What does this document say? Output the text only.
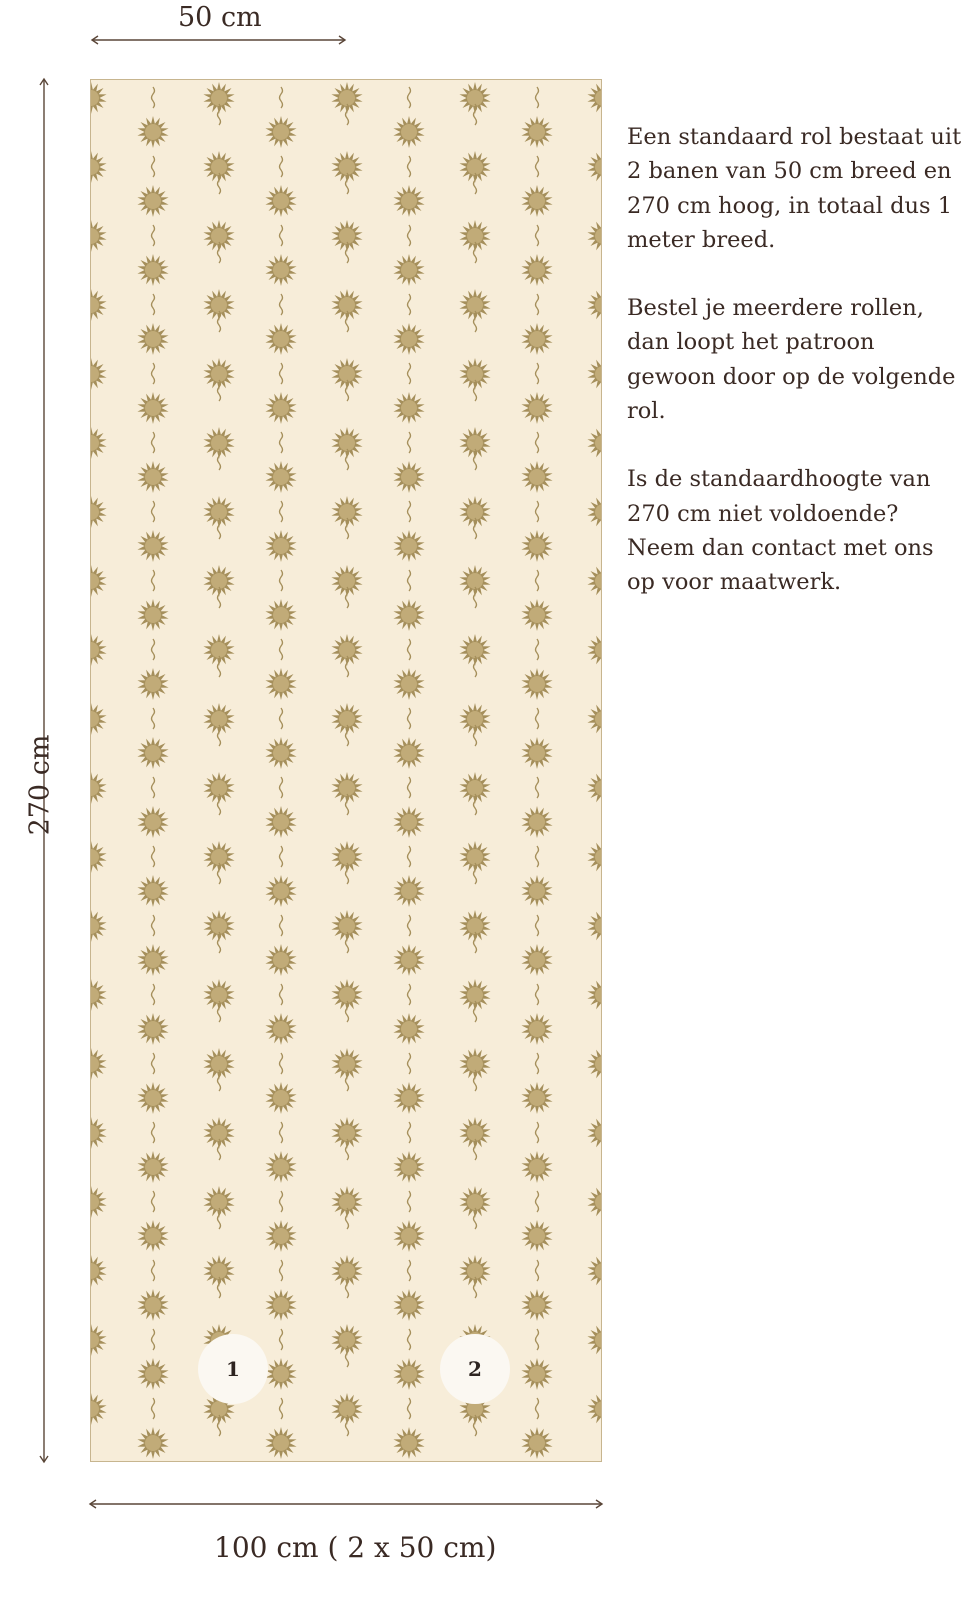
50 cm
270 cm
1	2
100 cm ( 2 x 50 cm)

Een standaard rol bestaat uit 2 banen van 50 cm breed en 270 cm hoog, in totaal dus 1 meter breed.

Bestel je meerdere rollen, dan loopt het patroon gewoon door op de volgende rol.

Is de standaardhoogte van 270 cm niet voldoende? Neem dan contact met ons op voor maatwerk.
